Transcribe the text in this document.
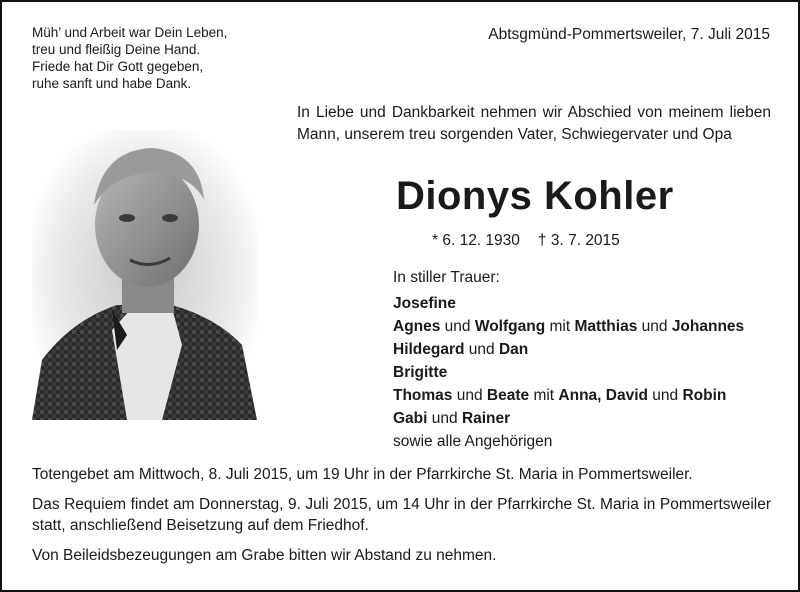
Müh’ und Arbeit war Dein Leben,
treu und fleißig Deine Hand.
Friede hat Dir Gott gegeben,
ruhe sanft und habe Dank.
Abtsgmünd-Pommertsweiler, 7. Juli 2015
In Liebe und Dankbarkeit nehmen wir Abschied von meinem lieben Mann, unserem treu sorgenden Vater, Schwiegervater und Opa
Dionys Kohler
* 6. 12. 1930 † 3. 7. 2015
In stiller Trauer:
Josefine
Agnes und Wolfgang mit Matthias und Johannes
Hildegard und Dan
Brigitte
Thomas und Beate mit Anna, David und Robin
Gabi und Rainer
sowie alle Angehörigen

Totengebet am Mittwoch, 8. Juli 2015, um 19 Uhr in der Pfarrkirche St. Maria in Pommertsweiler.

Das Requiem findet am Donnerstag, 9. Juli 2015, um 14 Uhr in der Pfarrkirche St. Maria in Pommertsweiler statt, anschließend Beisetzung auf dem Friedhof.

Von Beileidsbezeugungen am Grabe bitten wir Abstand zu nehmen.
